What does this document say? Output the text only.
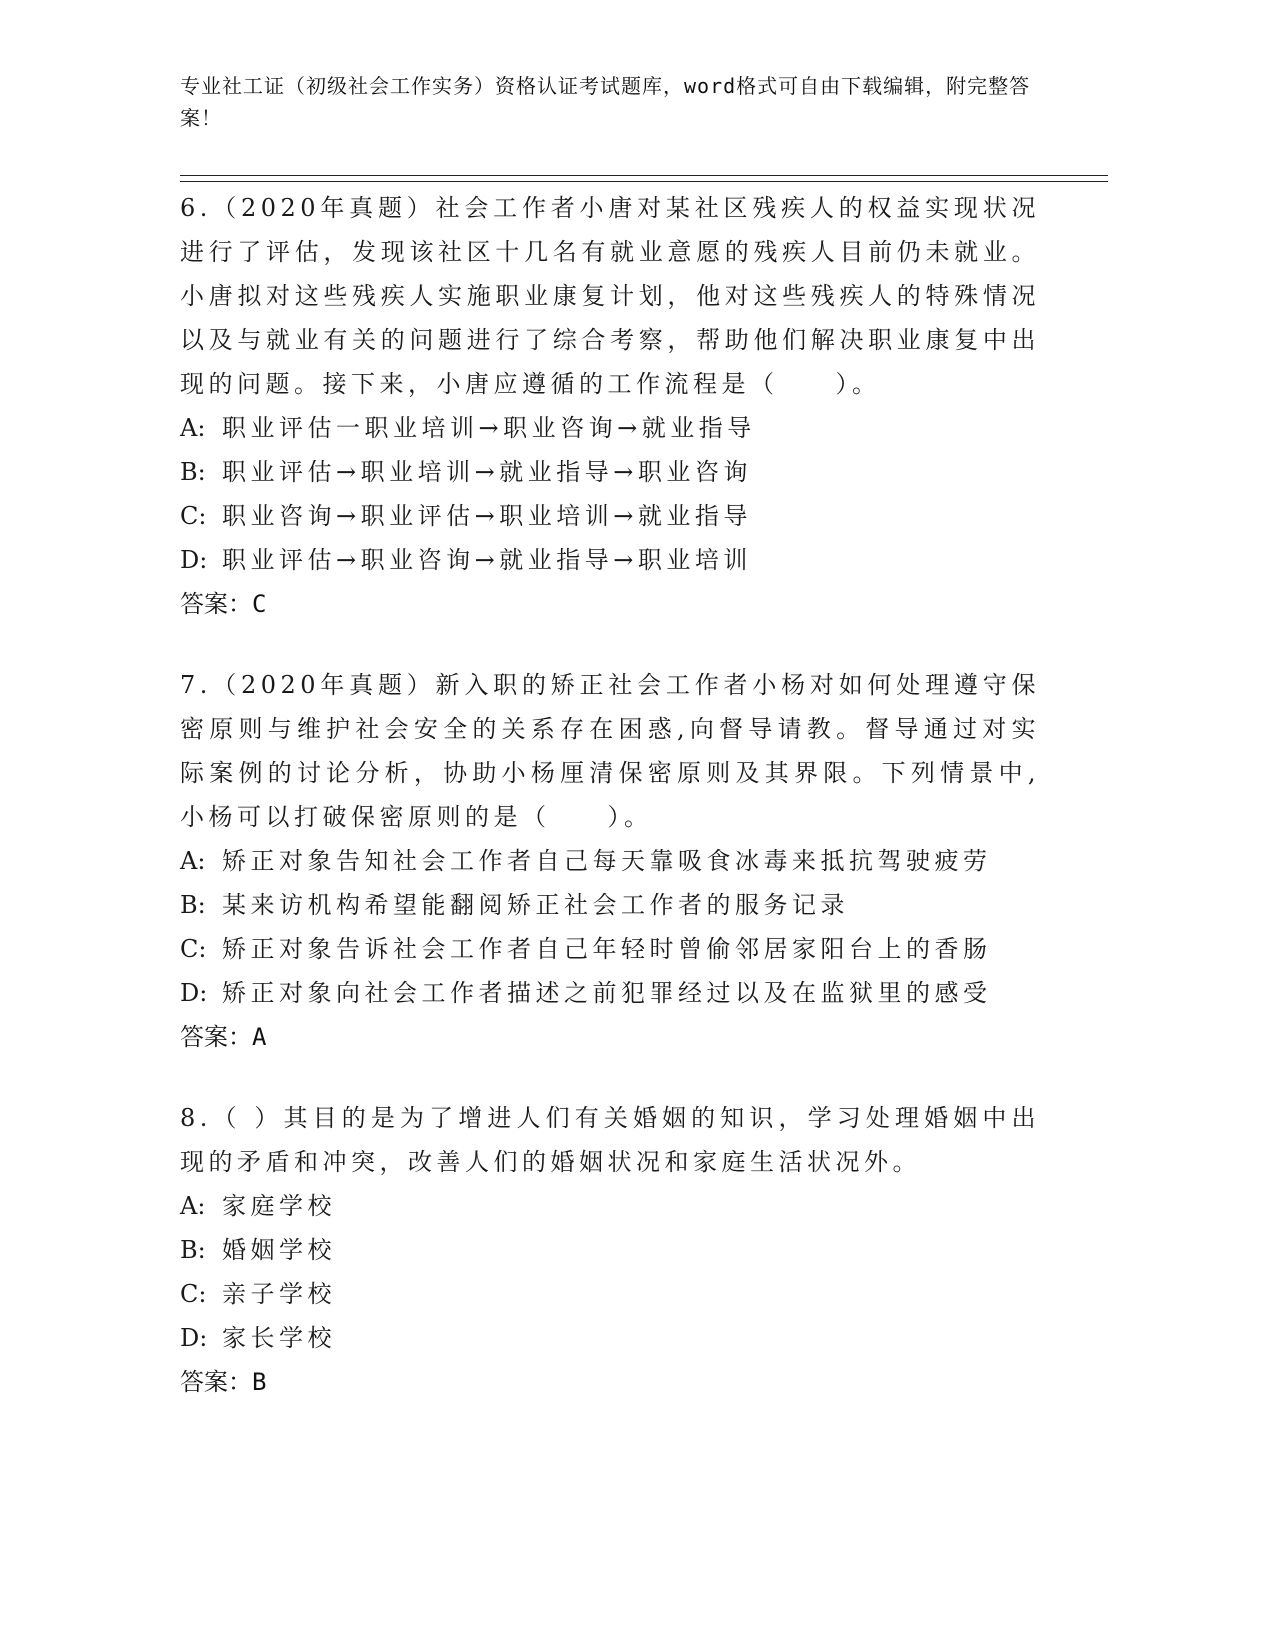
专业社工证（初级社会工作实务）资格认证考试题库，word格式可自由下载编辑，附完整答案！

6.（2020年真题）社会工作者小唐对某社区残疾人的权益实现状况进行了评估，发现该社区十几名有就业意愿的残疾人目前仍未就业。小唐拟对这些残疾人实施职业康复计划，他对这些残疾人的特殊情况以及与就业有关的问题进行了综合考察，帮助他们解决职业康复中出现的问题。接下来，小唐应遵循的工作流程是（　　）。

A: 职业评估一职业培训→职业咨询→就业指导

B: 职业评估→职业培训→就业指导→职业咨询

C: 职业咨询→职业评估→职业培训→就业指导

D: 职业评估→职业咨询→就业指导→职业培训

答案：C

7.（2020年真题）新入职的矫正社会工作者小杨对如何处理遵守保密原则与维护社会安全的关系存在困惑,向督导请教。督导通过对实际案例的讨论分析，协助小杨厘清保密原则及其界限。下列情景中,小杨可以打破保密原则的是（　　）。

A: 矫正对象告知社会工作者自己每天靠吸食冰毒来抵抗驾驶疲劳

B: 某来访机构希望能翻阅矫正社会工作者的服务记录

C: 矫正对象告诉社会工作者自己年轻时曾偷邻居家阳台上的香肠

D: 矫正对象向社会工作者描述之前犯罪经过以及在监狱里的感受

答案：A

8.（ ）其目的是为了增进人们有关婚姻的知识，学习处理婚姻中出现的矛盾和冲突，改善人们的婚姻状况和家庭生活状况外。

A: 家庭学校

B: 婚姻学校

C: 亲子学校

D: 家长学校

答案：B
